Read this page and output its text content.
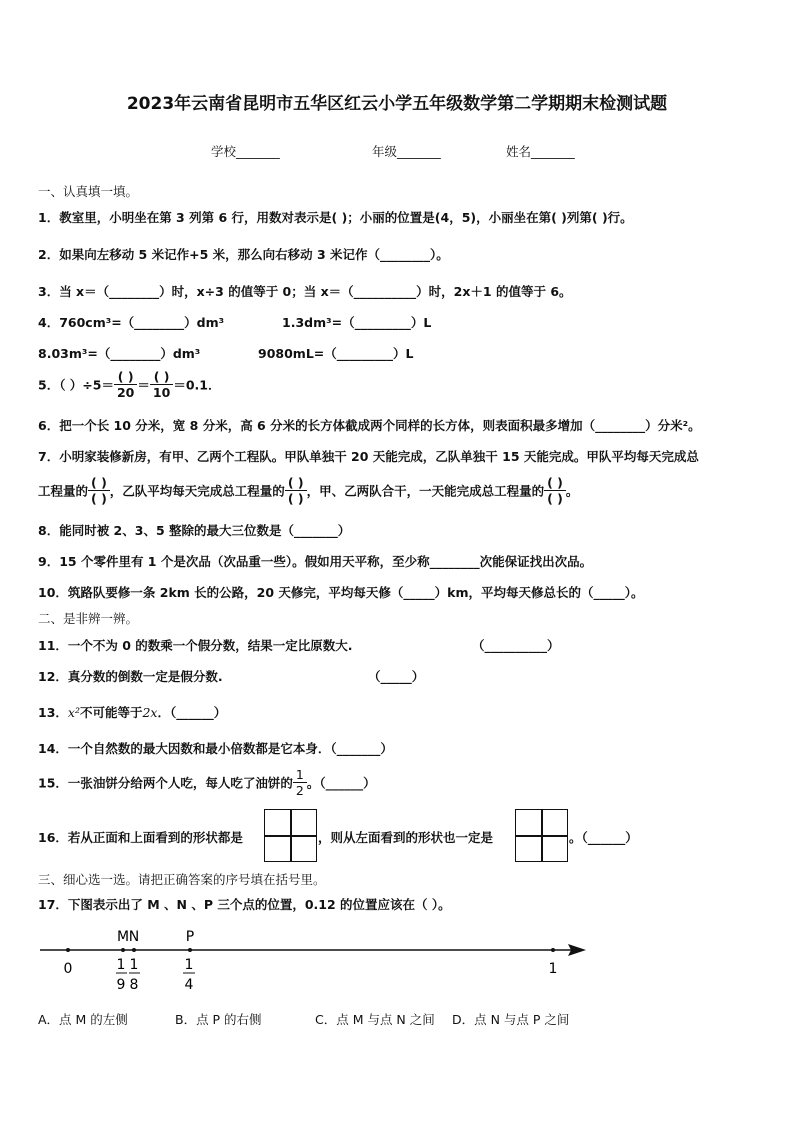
2023年云南省昆明市五华区红云小学五年级数学第二学期期末检测试题
学校_______	年级_______	姓名_______
一、认真填一填。
1．教室里，小明坐在第 3 列第 6 行，用数对表示是( )；小丽的位置是(4，5)，小丽坐在第( )列第( )行。
2．如果向左移动 5 米记作+5 米，那么向右移动 3 米记作（________）。
3．当 x＝（________）时，x÷3 的值等于 0；当 x＝（__________）时，2x＋1 的值等于 6。
4．760cm³=（________）dm³	1.3dm³=（_________）L
8.03m³=（________）dm³	9080mL=（_________）L
5．（ ）$\div 5= \frac{( )}{20} = \frac{( )}{10} =0.1$．
6．把一个长 10 分米，宽 8 分米，高 6 分米的长方体截成两个同样的长方体，则表面积最多增加（________）分米²。
7．小明家装修新房，有甲、乙两个工程队。甲队单独干 20 天能完成，乙队单独干 15 天能完成。甲队平均每天完成总
工程量的 $\frac{( )}{( )}$ ，乙队平均每天完成总工程量的 $\frac{( )}{( )}$ ，甲、乙两队合干，一天能完成总工程量的 $\frac{( )}{( )}$ 。
8．能同时被 2、3、5 整除的最大三位数是（_______）
9．15 个零件里有 1 个是次品（次品重一些）。假如用天平称，至少称________次能保证找出次品。
10．筑路队要修一条 2km 长的公路，20 天修完，平均每天修（_____）km，平均每天修总长的（_____）。
二、是非辨一辨。
11．一个不为 0 的数乘一个假分数，结果一定比原数大.	（__________）
12．真分数的倒数一定是假分数.	（_____）
13．x²不可能等于2x．（______）
14．一个自然数的最大因数和最小倍数都是它本身．（_______）
15．一张油饼分给两个人吃，每人吃了油饼的 $\frac{1}{2}$ 。（______）
16．若从正面和上面看到的形状都是	，则从左面看到的形状也一定是	。（______）
三、细心选一选。请把正确答案的序号填在括号里。
17．下图表示出了 M 、N 、P 三个点的位置，0.12 的位置应该在（ ）。
M N	P
0	1
1
9
1
8
1
4
A．点 M 的左侧	B．点 P 的右侧	C．点 M 与点 N 之间 D．点 N 与点 P 之间
